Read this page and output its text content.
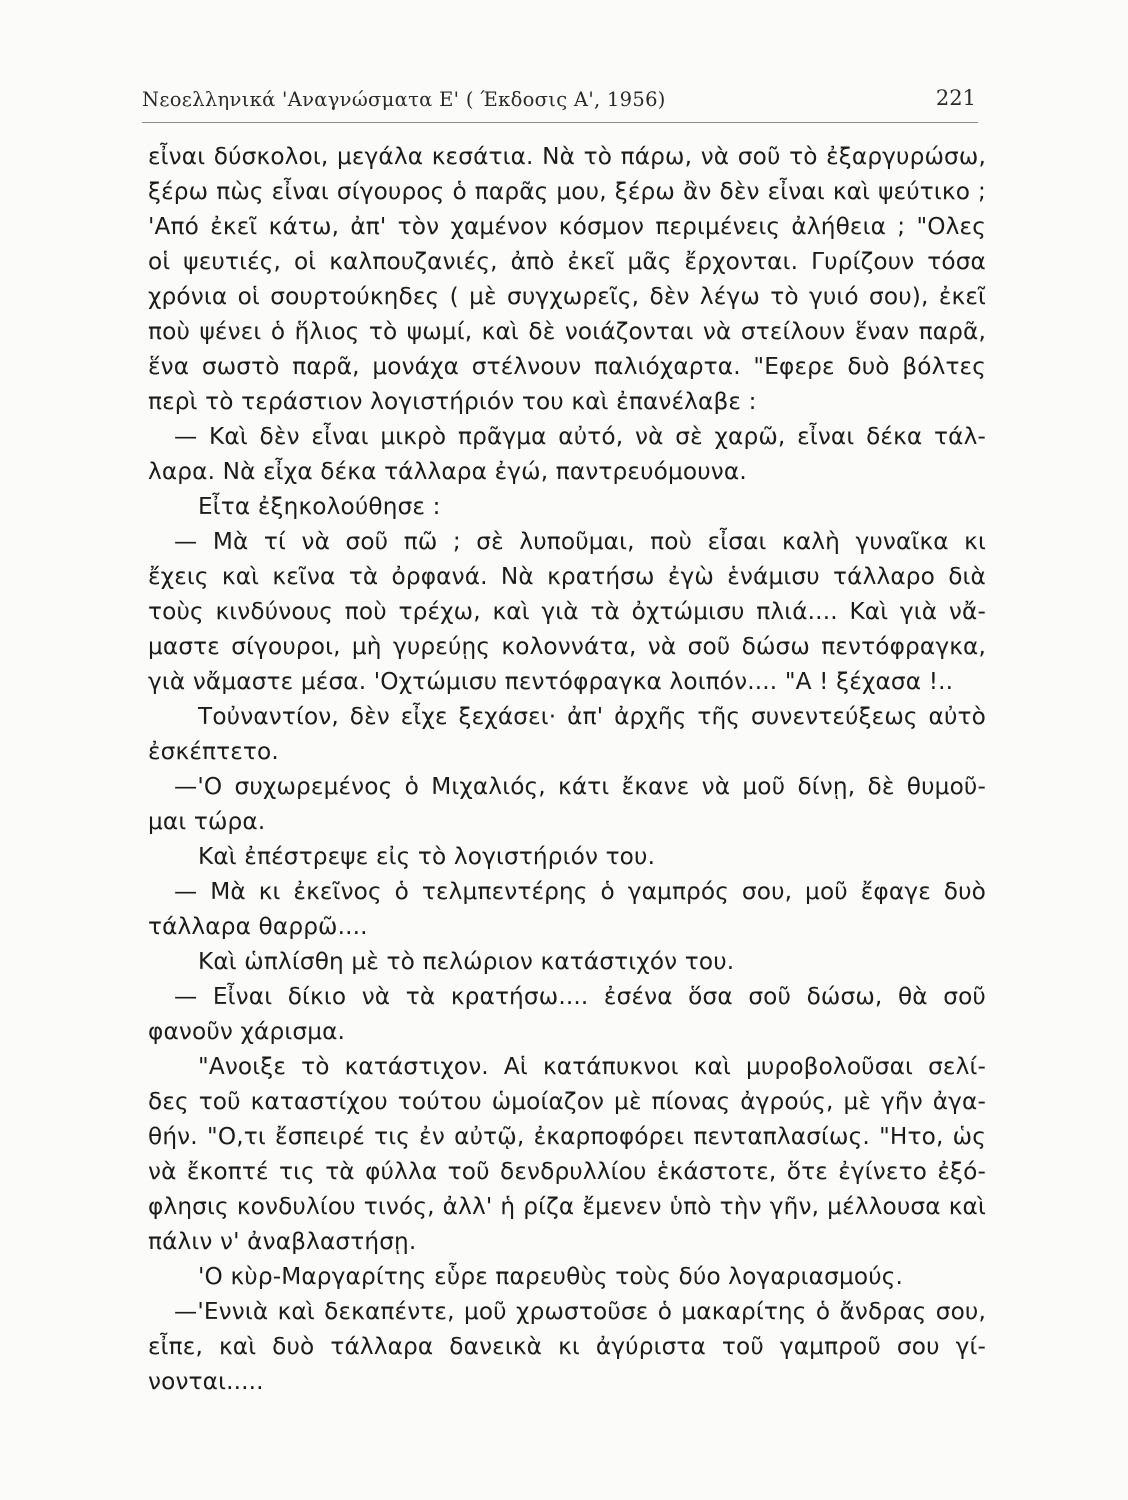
Νεοελληνικά 'Αναγνώσματα Ε' ( Έκδοσις Α', 1956)	221
εἶναι δύσκολοι, μεγάλα κεσάτια. Νὰ τὸ πάρω, νὰ σοῦ τὸ ἐξαργυρώσω,
ξέρω πὼς εἶναι σίγουρος ὁ παρᾶς μου, ξέρω ἂν δὲν εἶναι καὶ ψεύτικο ;
'Από ἐκεῖ κάτω, ἀπ' τὸν χαμένον κόσμον περιμένεις ἀλήθεια ; "Ολες
οἱ ψευτιές, οἱ καλπουζανιές, ἀπὸ ἐκεῖ μᾶς ἔρχονται. Γυρίζουν τόσα
χρόνια οἱ σουρτούκηδες ( μὲ συγχωρεῖς, δὲν λέγω τὸ γυιό σου), ἐκεῖ
ποὺ ψένει ὁ ἥλιος τὸ ψωμί, καὶ δὲ νοιάζονται νὰ στείλουν ἕναν παρᾶ,
ἕνα σωστὸ παρᾶ, μονάχα στέλνουν παλιόχαρτα. "Εφερε δυὸ βόλτες
περὶ τὸ τεράστιον λογιστήριόν του καὶ ἐπανέλαβε :
— Καὶ δὲν εἶναι μικρὸ πρᾶγμα αὐτό, νὰ σὲ χαρῶ, εἶναι δέκα τάλ-
λαρα. Νὰ εἶχα δέκα τάλλαρα ἐγώ, παντρευόμουνα.
Εἶτα ἐξηκολούθησε :
— Μὰ τί νὰ σοῦ πῶ ; σὲ λυποῦμαι, ποὺ εἶσαι καλὴ γυναῖκα κι
ἔχεις καὶ κεῖνα τὰ ὀρφανά. Νὰ κρατήσω ἐγὼ ἑνάμισυ τάλλαρο διὰ
τοὺς κινδύνους ποὺ τρέχω, καὶ γιὰ τὰ ὀχτώμισυ πλιά.... Καὶ γιὰ νἄ-
μαστε σίγουροι, μὴ γυρεύῃς κολοννάτα, νὰ σοῦ δώσω πεντόφραγκα,
γιὰ νἄμαστε μέσα. 'Οχτώμισυ πεντόφραγκα λοιπόν.... "Α ! ξέχασα !..
Τοὐναντίον, δὲν εἶχε ξεχάσει· ἀπ' ἀρχῆς τῆς συνεντεύξεως αὐτὸ
ἐσκέπτετο.
—'Ο συχωρεμένος ὁ Μιχαλιός, κάτι ἔκανε νὰ μοῦ δίνῃ, δὲ θυμοῦ-
μαι τώρα.
Καὶ ἐπέστρεψε εἰς τὸ λογιστήριόν του.
— Μὰ κι ἐκεῖνος ὁ τελμπεντέρης ὁ γαμπρός σου, μοῦ ἔφαγε δυὸ
τάλλαρα θαρρῶ....
Καὶ ὡπλίσθη μὲ τὸ πελώριον κατάστιχόν του.
— Εἶναι δίκιο νὰ τὰ κρατήσω.... ἐσένα ὅσα σοῦ δώσω, θὰ σοῦ
φανοῦν χάρισμα.
"Ανοιξε τὸ κατάστιχον. Αἱ κατάπυκνοι καὶ μυροβολοῦσαι σελί-
δες τοῦ καταστίχου τούτου ὡμοίαζον μὲ πίονας ἀγρούς, μὲ γῆν ἀγα-
θήν. "Ο,τι ἔσπειρέ τις ἐν αὐτῷ, ἐκαρποφόρει πενταπλασίως. "Ητο, ὡς
νὰ ἔκοπτέ τις τὰ φύλλα τοῦ δενδρυλλίου ἑκάστοτε, ὅτε ἐγίνετο ἐξό-
φλησις κονδυλίου τινός, ἀλλ' ἡ ρίζα ἔμενεν ὑπὸ τὴν γῆν, μέλλουσα καὶ
πάλιν ν' ἀναβλαστήσῃ.
'Ο κὺρ-Μαργαρίτης εὗρε παρευθὺς τοὺς δύο λογαριασμούς.
—'Εννιὰ καὶ δεκαπέντε, μοῦ χρωστοῦσε ὁ μακαρίτης ὁ ἄνδρας σου,
εἶπε, καὶ δυὸ τάλλαρα δανεικὰ κι ἀγύριστα τοῦ γαμπροῦ σου γί-
νονται.....
